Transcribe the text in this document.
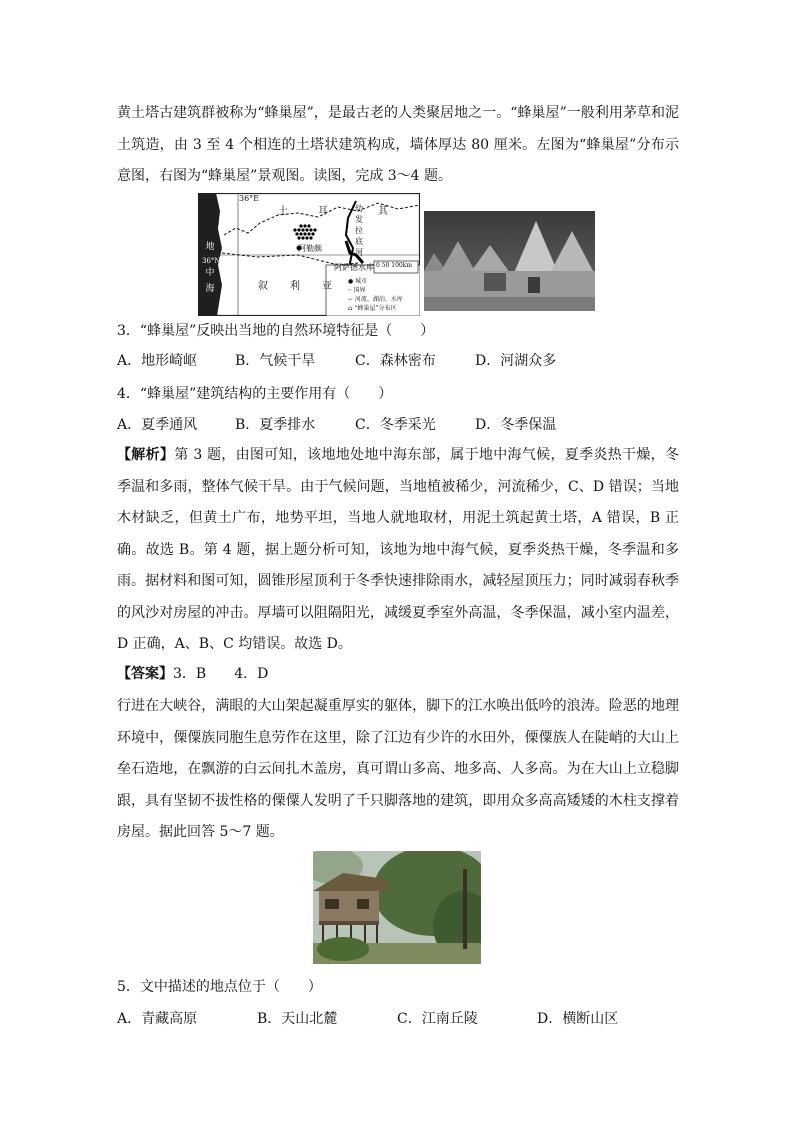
黄土塔古建筑群被称为“蜂巢屋”，是最古老的人类聚居地之一。“蜂巢屋”一般利用茅草和泥土筑造，由 3 至 4 个相连的土塔状建筑构成，墙体厚达 80 厘米。左图为“蜂巢屋”分布示意图，右图为“蜂巢屋”景观图。读图，完成 3～4 题。
36°E
36°N
地
中
海
土	耳	其
幼
发
拉
底
河
阿勒颇
阿萨德水库
叙 利 亚
0 50 100km
● 城市
┄ 国界
∽ 河流、湖泊、水库
⌂ “蜂巢屋”分布区
3．“蜂巢屋”反映出当地的自然环境特征是（　　）
A．地形崎岖	B．气候干旱	C．森林密布	D．河湖众多
4．“蜂巢屋”建筑结构的主要作用有（　　）
A．夏季通风	B．夏季排水	C．冬季采光	D．冬季保温
【解析】第 3 题，由图可知，该地地处地中海东部，属于地中海气候，夏季炎热干燥，冬季温和多雨，整体气候干旱。由于气候问题，当地植被稀少，河流稀少，C、D 错误；当地木材缺乏，但黄土广布，地势平坦，当地人就地取材，用泥土筑起黄土塔，A 错误，B 正确。故选 B。第 4 题，据上题分析可知，该地为地中海气候，夏季炎热干燥，冬季温和多雨。据材料和图可知，圆锥形屋顶利于冬季快速排除雨水，减轻屋顶压力；同时减弱春秋季的风沙对房屋的冲击。厚墙可以阻隔阳光，减缓夏季室外高温，冬季保温，减小室内温差，D 正确，A、B、C 均错误。故选 D。
【答案】3．B　　4．D
行进在大峡谷，满眼的大山架起凝重厚实的躯体，脚下的江水唤出低吟的浪涛。险恶的地理环境中，傈僳族同胞生息劳作在这里，除了江边有少许的水田外，傈僳族人在陡峭的大山上垒石造地，在飘游的白云间扎木盖房，真可谓山多高、地多高、人多高。为在大山上立稳脚跟，具有坚韧不拔性格的傈僳人发明了千只脚落地的建筑，即用众多高高矮矮的木柱支撑着房屋。据此回答 5～7 题。
5．文中描述的地点位于（　　）
A．青藏高原	B．天山北麓	C．江南丘陵	D．横断山区
